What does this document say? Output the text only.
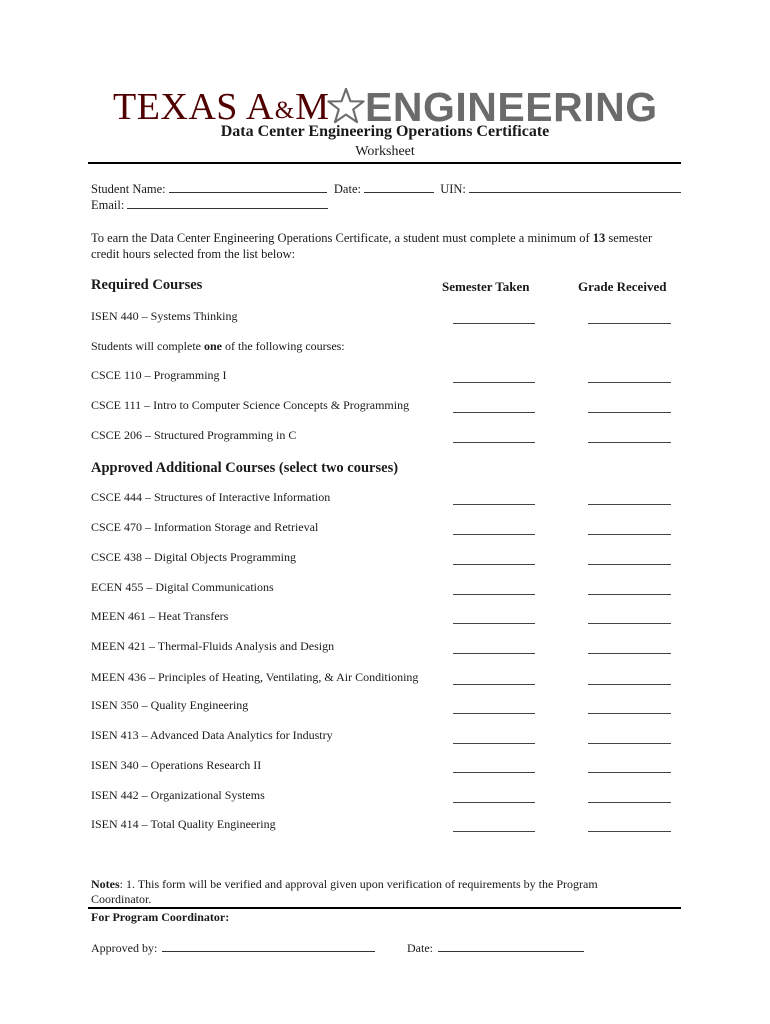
TEXAS A & M ENGINEERING
Data Center Engineering Operations Certificate
Worksheet
Student Name:	Date:	UIN:
Email:
To earn the Data Center Engineering Operations Certificate, a student must complete a minimum of 13 semester
credit hours selected from the list below:
Required Courses	Semester Taken	Grade Received
ISEN 440 – Systems Thinking
Students will complete one of the following courses:
CSCE 110 – Programming I
CSCE 111 – Intro to Computer Science Concepts & Programming
CSCE 206 – Structured Programming in C
Approved Additional Courses (select two courses)
CSCE 444 – Structures of Interactive Information
CSCE 470 – Information Storage and Retrieval
CSCE 438 – Digital Objects Programming
ECEN 455 – Digital Communications
MEEN 461 – Heat Transfers
MEEN 421 – Thermal-Fluids Analysis and Design
MEEN 436 – Principles of Heating, Ventilating, & Air Conditioning
ISEN 350 – Quality Engineering
ISEN 413 – Advanced Data Analytics for Industry
ISEN 340 – Operations Research II
ISEN 442 – Organizational Systems
ISEN 414 – Total Quality Engineering
Notes: 1. This form will be verified and approval given upon verification of requirements by the Program Coordinator.
For Program Coordinator:
Approved by:	Date:
